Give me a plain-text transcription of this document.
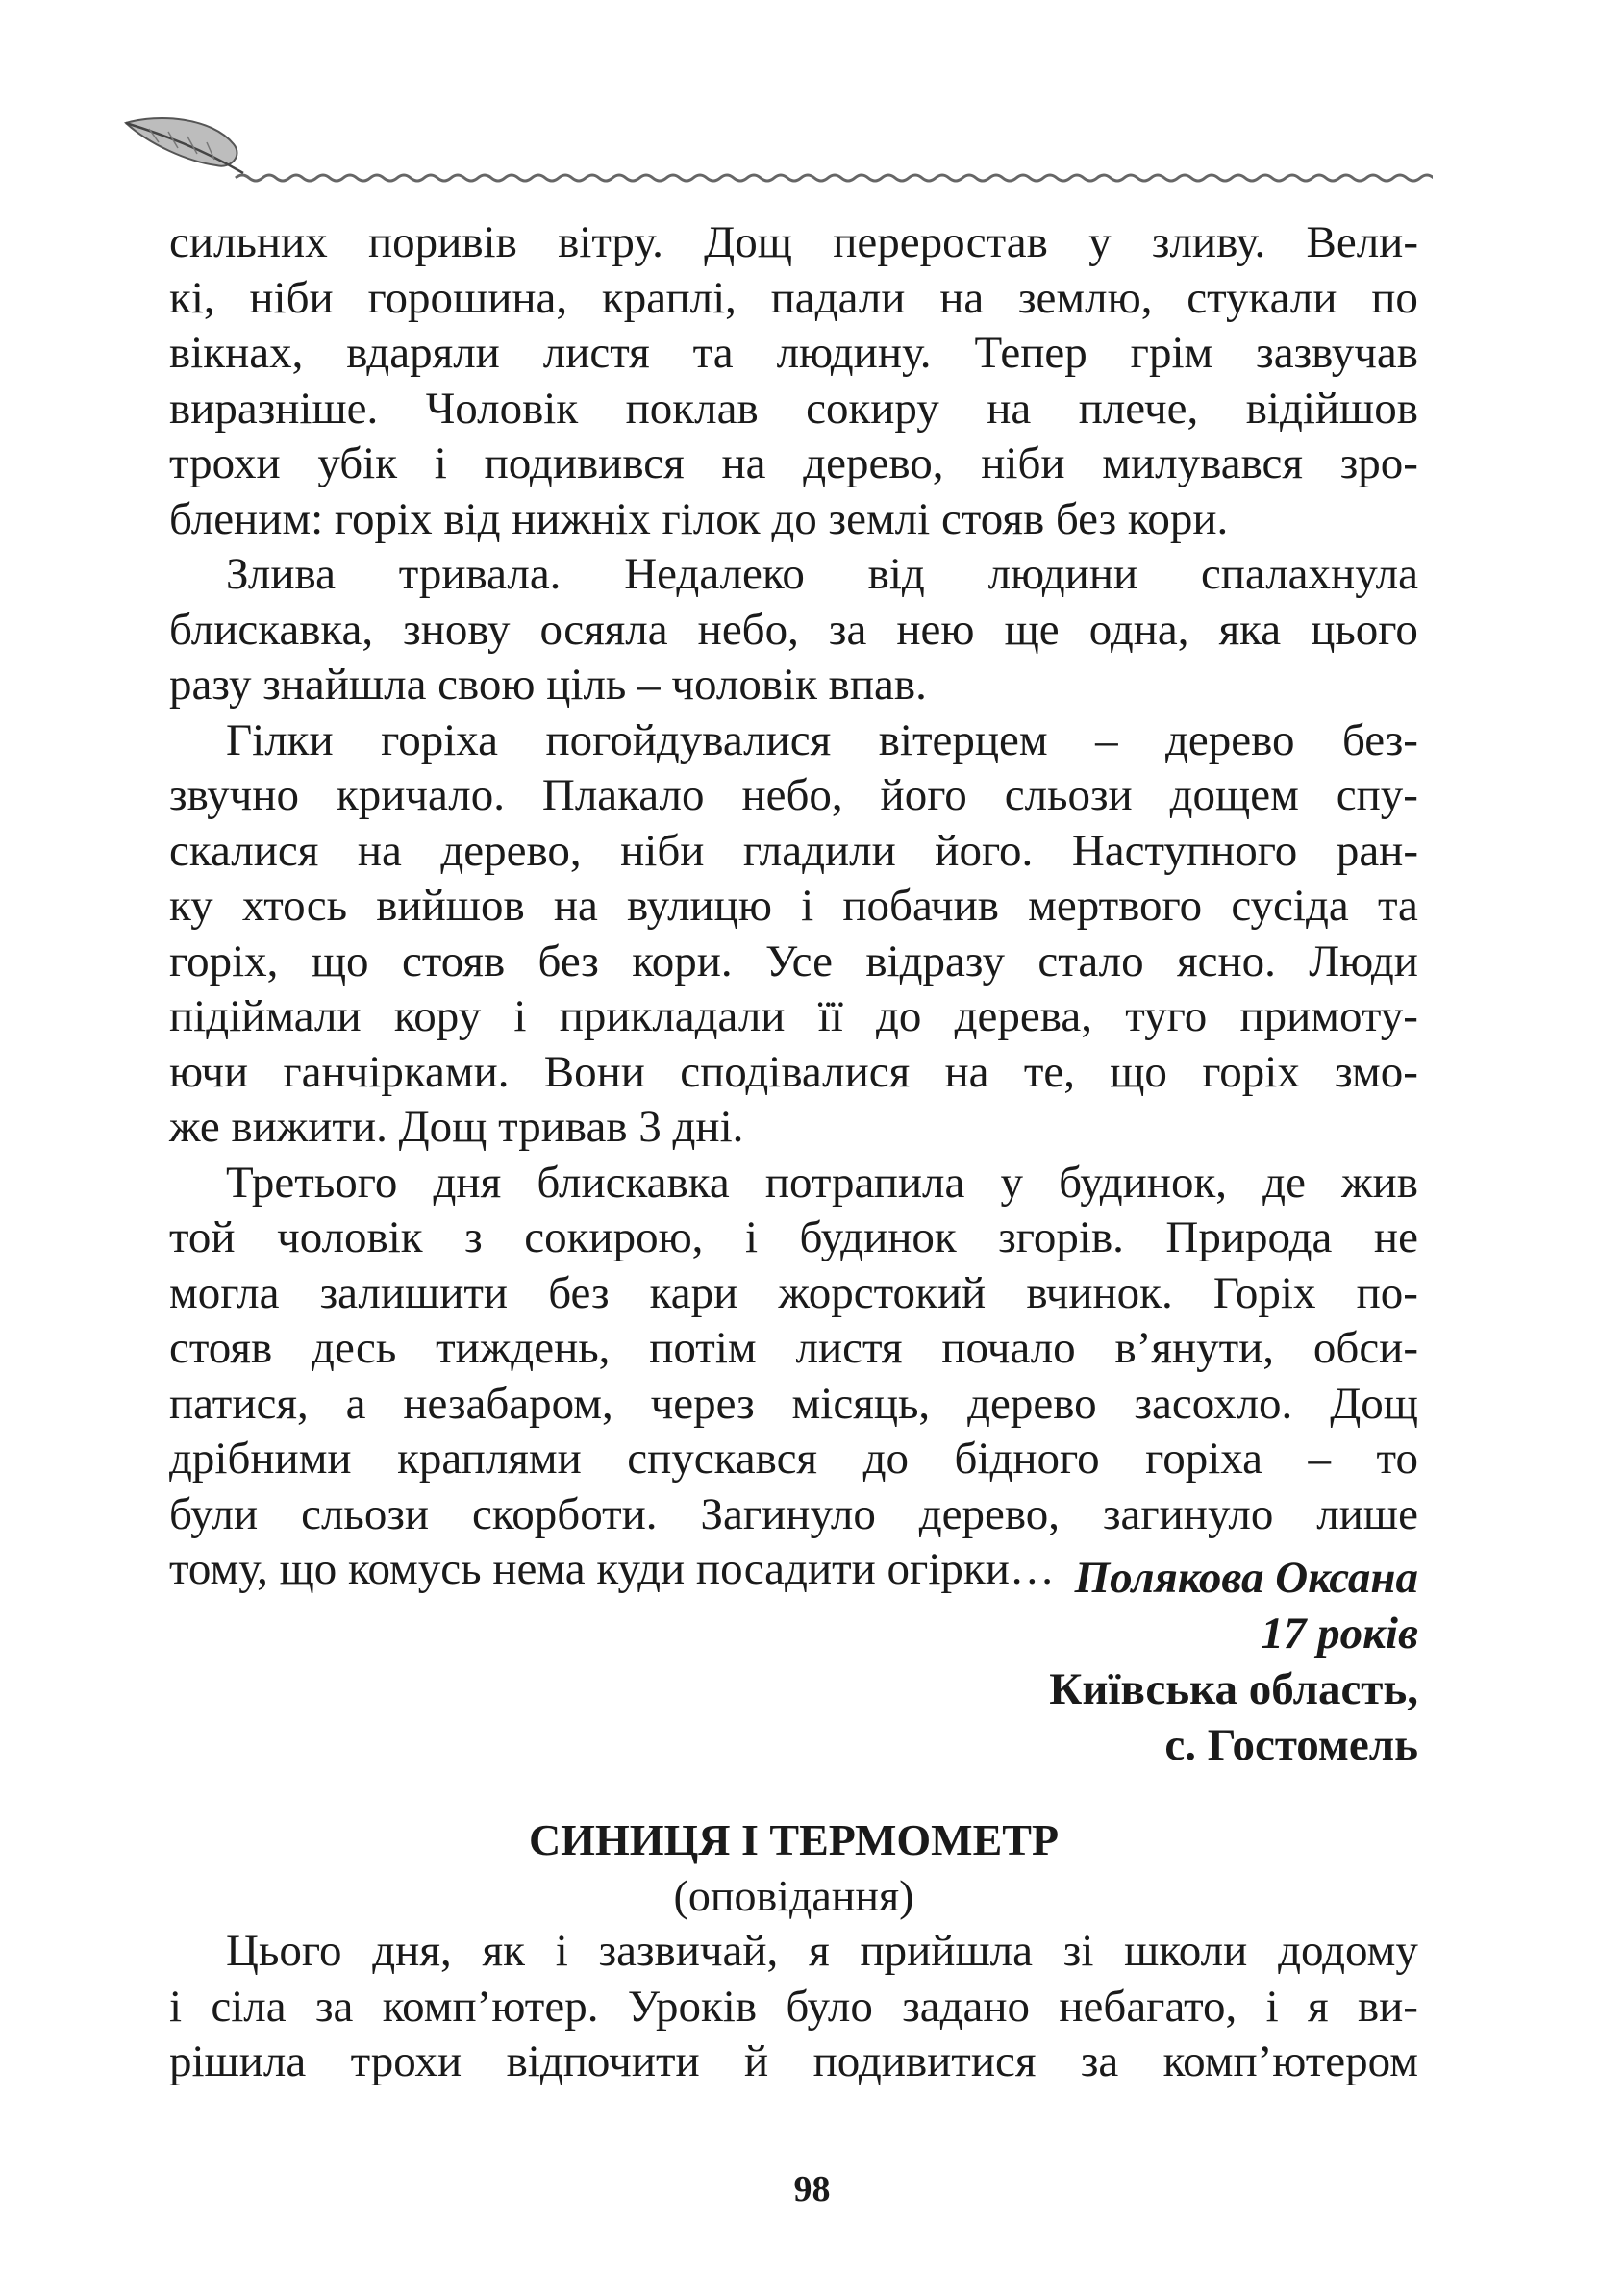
сильних поривів вітру. Дощ переростав у зливу. Вели-
кі, ніби горошина, краплі, падали на землю, стукали по
вікнах, вдаряли листя та людину. Тепер грім зазвучав
виразніше. Чоловік поклав сокиру на плече, відійшов
трохи убік і подивився на дерево, ніби милувався зро-
бленим: горіх від нижніх гілок до землі стояв без кори.
Злива тривала. Недалеко від людини спалахнула
блискавка, знову осяяла небо, за нею ще одна, яка цього
разу знайшла свою ціль – чоловік впав.
Гілки горіха погойдувалися вітерцем – дерево без-
звучно кричало. Плакало небо, його сльози дощем спу-
скалися на дерево, ніби гладили його. Наступного ран-
ку хтось вийшов на вулицю і побачив мертвого сусіда та
горіх, що стояв без кори. Усе відразу стало ясно. Люди
підіймали кору і прикладали її до дерева, туго примоту-
ючи ганчірками. Вони сподівалися на те, що горіх змо-
же вижити. Дощ тривав 3 дні.
Третього дня блискавка потрапила у будинок, де жив
той чоловік з сокирою, і будинок згорів. Природа не
могла залишити без кари жорстокий вчинок. Горіх по-
стояв десь тиждень, потім листя почало в’янути, обси-
патися, а незабаром, через місяць, дерево засохло. Дощ
дрібними краплями спускався до бідного горіха – то
були сльози скорботи. Загинуло дерево, загинуло лише
тому, що комусь нема куди посадити огірки… Полякова Оксана
17 років
Київська область,
с. Гостомель
СИНИЦЯ І ТЕРМОМЕТР
(оповідання)
Цього дня, як і зазвичай, я прийшла зі школи додому
і сіла за комп’ютер. Уроків було задано небагато, і я ви-
рішила трохи відпочити й подивитися за комп’ютером
98
